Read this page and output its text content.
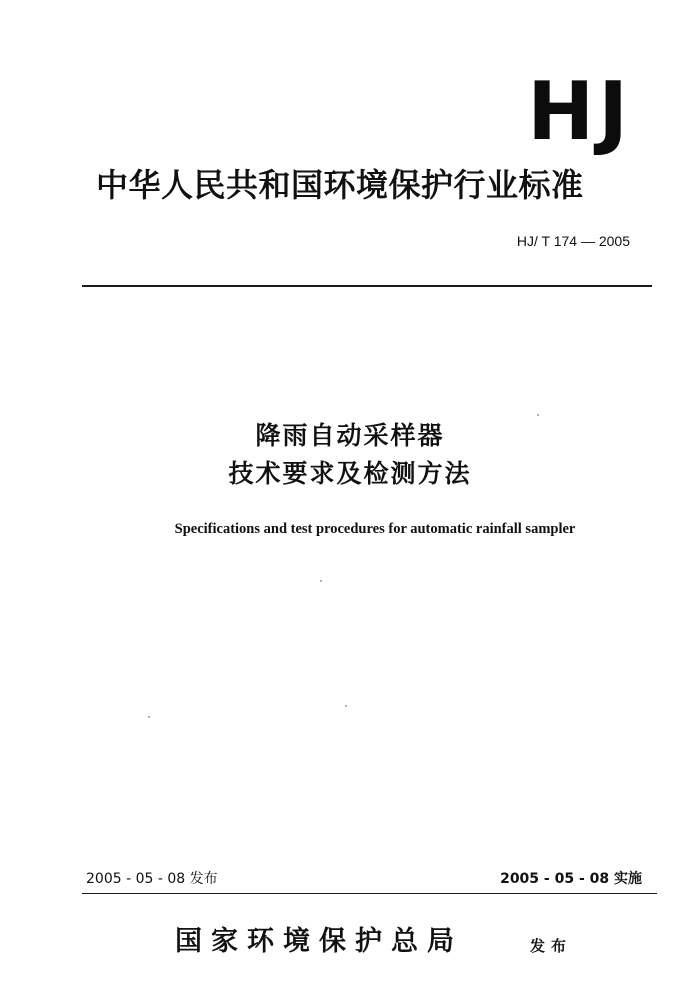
HJ
中华人民共和国环境保护行业标准
HJ/ T 174 — 2005
降雨自动采样器
技术要求及检测方法
Specifications and test procedures for automatic rainfall sampler
2005 - 05 - 08 发布	2005 - 05 - 08 实施
国家环境保护总局	发布
